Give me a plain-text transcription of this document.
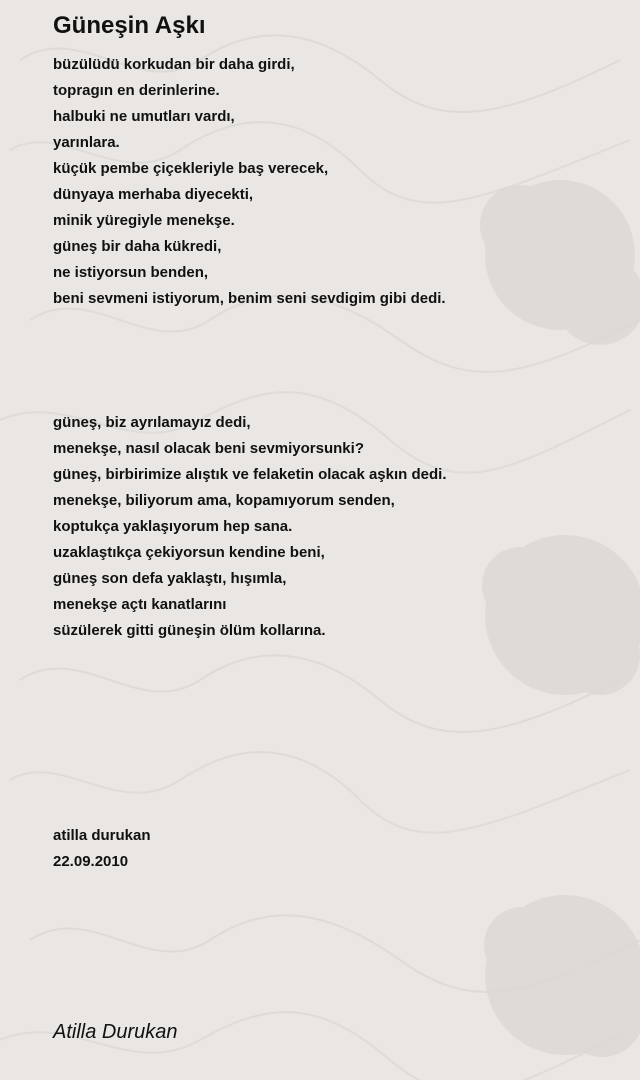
Güneşin Aşkı
büzülüdü korkudan bir daha girdi,
topragın en derinlerine.
halbuki ne umutları vardı,
yarınlara.
küçük pembe çiçekleriyle baş verecek,
dünyaya merhaba diyecekti,
minik yüregiyle menekşe.
güneş bir daha kükredi,
ne istiyorsun benden,
beni sevmeni istiyorum, benim seni sevdigim gibi dedi.
güneş, biz ayrılamayız dedi,
menekşe, nasıl olacak beni sevmiyorsunki?
güneş, birbirimize alıştık ve felaketin olacak aşkın dedi.
menekşe, biliyorum ama, kopamıyorum senden,
koptukça yaklaşıyorum hep sana.
uzaklaştıkça çekiyorsun kendine beni,
güneş son defa yaklaştı, hışımla,
menekşe açtı kanatlarını
süzülerek gitti güneşin ölüm kollarına.
atilla durukan
22.09.2010
Atilla Durukan
